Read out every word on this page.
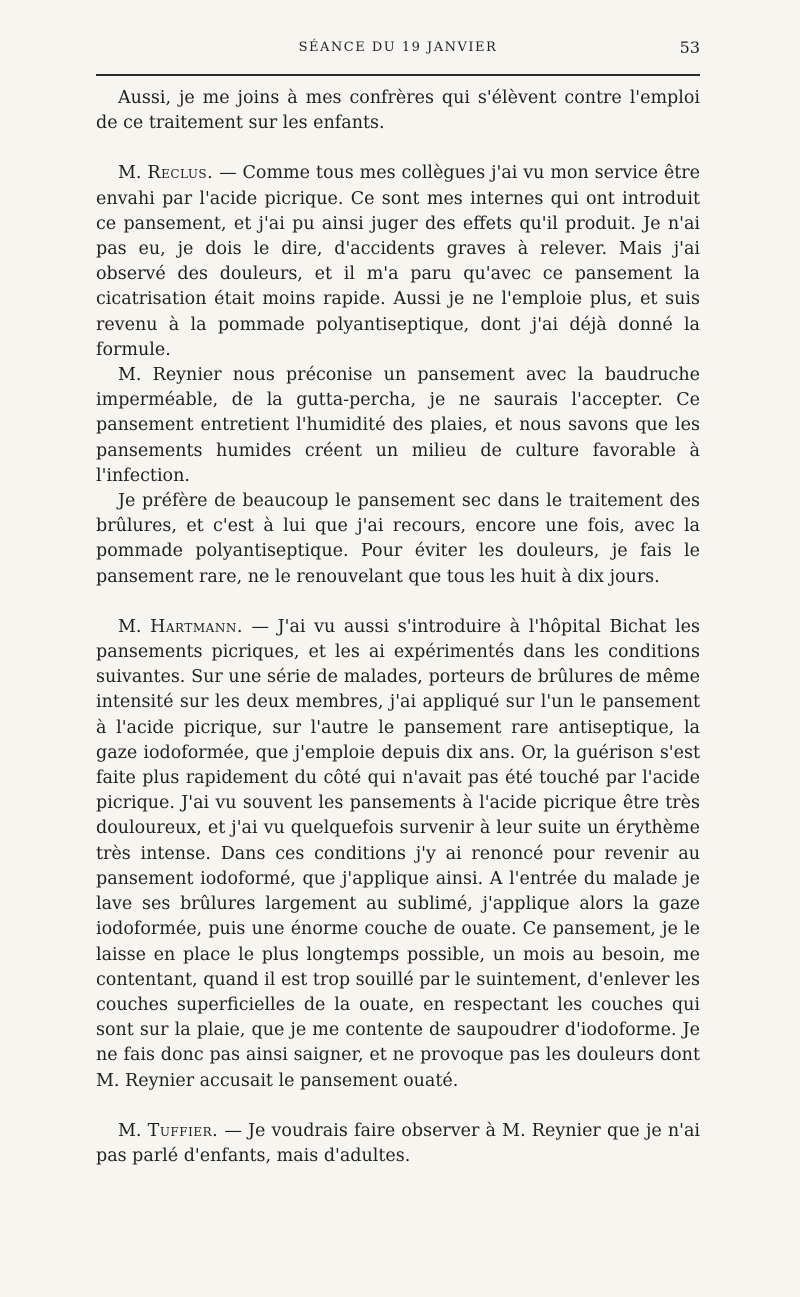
SÉANCE DU 19 JANVIER	53

Aussi, je me joins à mes confrères qui s'élèvent contre l'emploi de ce traitement sur les enfants.

M. Reclus. — Comme tous mes collègues j'ai vu mon service être envahi par l'acide picrique. Ce sont mes internes qui ont introduit ce pansement, et j'ai pu ainsi juger des effets qu'il produit. Je n'ai pas eu, je dois le dire, d'accidents graves à relever. Mais j'ai observé des douleurs, et il m'a paru qu'avec ce pansement la cicatrisation était moins rapide. Aussi je ne l'emploie plus, et suis revenu à la pommade polyantiseptique, dont j'ai déjà donné la formule.

M. Reynier nous préconise un pansement avec la baudruche imperméable, de la gutta-percha, je ne saurais l'accepter. Ce pansement entretient l'humidité des plaies, et nous savons que les pansements humides créent un milieu de culture favorable à l'infection.

Je préfère de beaucoup le pansement sec dans le traitement des brûlures, et c'est à lui que j'ai recours, encore une fois, avec la pommade polyantiseptique. Pour éviter les douleurs, je fais le pansement rare, ne le renouvelant que tous les huit à dix jours.

M. Hartmann. — J'ai vu aussi s'introduire à l'hôpital Bichat les pansements picriques, et les ai expérimentés dans les conditions suivantes. Sur une série de malades, porteurs de brûlures de même intensité sur les deux membres, j'ai appliqué sur l'un le pansement à l'acide picrique, sur l'autre le pansement rare antiseptique, la gaze iodoformée, que j'emploie depuis dix ans. Or, la guérison s'est faite plus rapidement du côté qui n'avait pas été touché par l'acide picrique. J'ai vu souvent les pansements à l'acide picrique être très douloureux, et j'ai vu quelquefois survenir à leur suite un érythème très intense. Dans ces conditions j'y ai renoncé pour revenir au pansement iodoformé, que j'applique ainsi. A l'entrée du malade je lave ses brûlures largement au sublimé, j'applique alors la gaze iodoformée, puis une énorme couche de ouate. Ce pansement, je le laisse en place le plus longtemps possible, un mois au besoin, me contentant, quand il est trop souillé par le suintement, d'enlever les couches superficielles de la ouate, en respectant les couches qui sont sur la plaie, que je me contente de saupoudrer d'iodoforme. Je ne fais donc pas ainsi saigner, et ne provoque pas les douleurs dont M. Reynier accusait le pansement ouaté.

M. Tuffier. — Je voudrais faire observer à M. Reynier que je n'ai pas parlé d'enfants, mais d'adultes.
